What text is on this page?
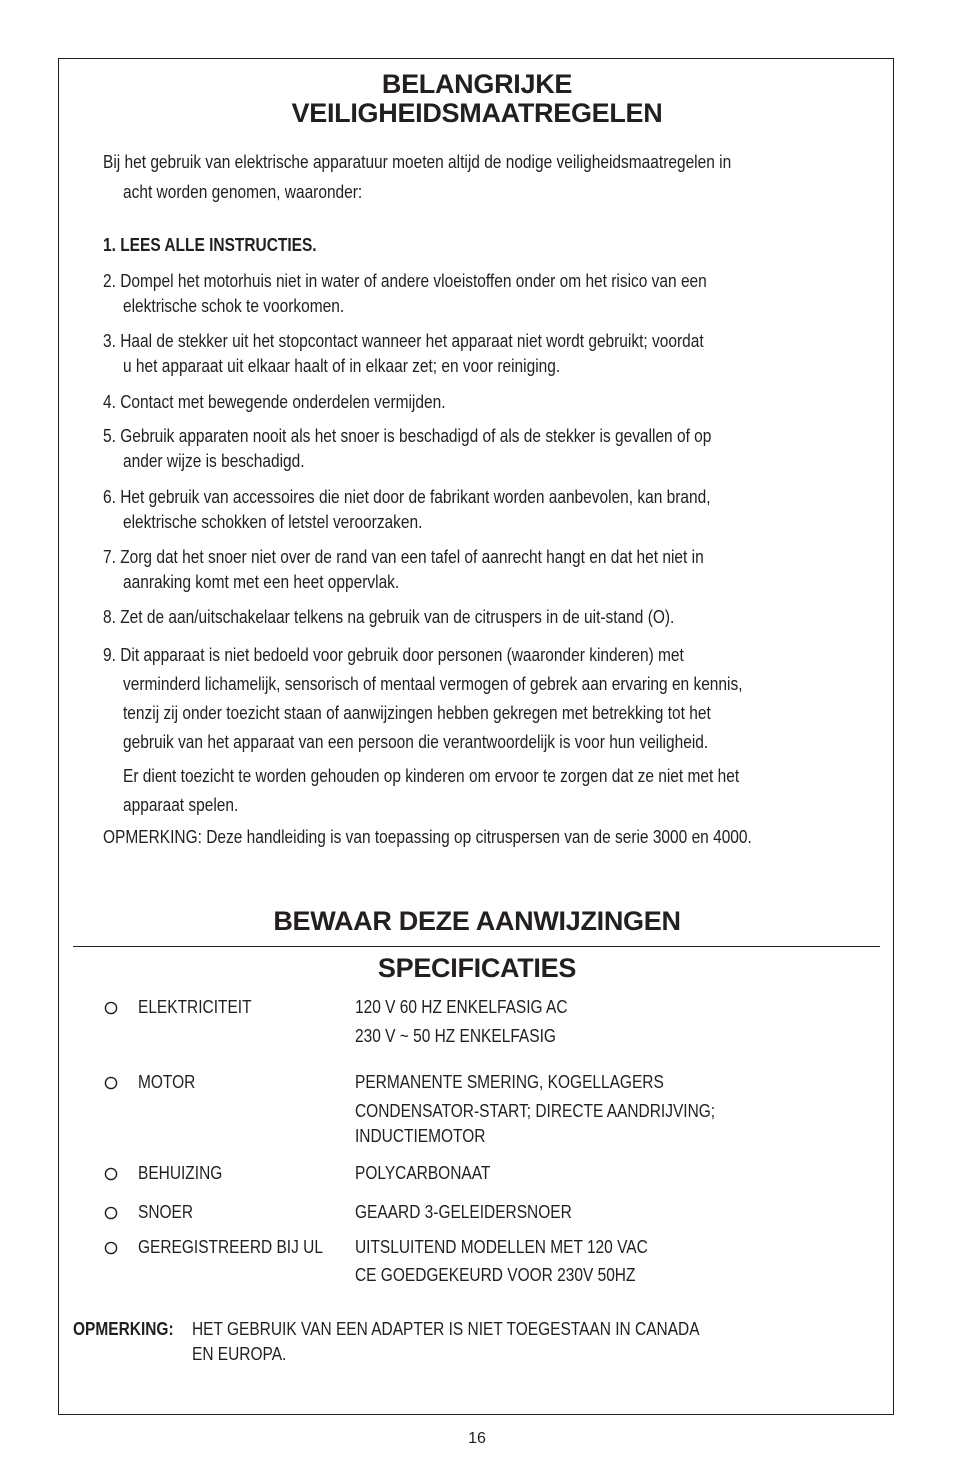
BELANGRIJKE
VEILIGHEIDSMAATREGELEN
Bij het gebruik van elektrische apparatuur moeten altijd de nodige veiligheidsmaatregelen in
acht worden genomen, waaronder:
1. LEES ALLE INSTRUCTIES.
2. Dompel het motorhuis niet in water of andere vloeistoffen onder om het risico van een
elektrische schok te voorkomen.
3. Haal de stekker uit het stopcontact wanneer het apparaat niet wordt gebruikt; voordat
u het apparaat uit elkaar haalt of in elkaar zet; en voor reiniging.
4. Contact met bewegende onderdelen vermijden.
5. Gebruik apparaten nooit als het snoer is beschadigd of als de stekker is gevallen of op
ander wijze is beschadigd.
6. Het gebruik van accessoires die niet door de fabrikant worden aanbevolen, kan brand,
elektrische schokken of letstel veroorzaken.
7. Zorg dat het snoer niet over de rand van een tafel of aanrecht hangt en dat het niet in
aanraking komt met een heet oppervlak.
8. Zet de aan/uitschakelaar telkens na gebruik van de citruspers in de uit-stand (O).
9. Dit apparaat is niet bedoeld voor gebruik door personen (waaronder kinderen) met
verminderd lichamelijk, sensorisch of mentaal vermogen of gebrek aan ervaring en kennis,
tenzij zij onder toezicht staan of aanwijzingen hebben gekregen met betrekking tot het
gebruik van het apparaat van een persoon die verantwoordelijk is voor hun veiligheid.
Er dient toezicht te worden gehouden op kinderen om ervoor te zorgen dat ze niet met het
apparaat spelen.
OPMERKING: Deze handleiding is van toepassing op citruspersen van de serie 3000 en 4000.
BEWAAR DEZE AANWIJZINGEN
SPECIFICATIES
ELEKTRICITEIT	120 V 60 HZ ENKELFASIG AC
230 V ~ 50 HZ ENKELFASIG
MOTOR	PERMANENTE SMERING, KOGELLAGERS
CONDENSATOR-START; DIRECTE AANDRIJVING;
INDUCTIEMOTOR
BEHUIZING	POLYCARBONAAT
SNOER	GEAARD 3-GELEIDERSNOER
GEREGISTREERD BIJ UL	UITSLUITEND MODELLEN MET 120 VAC
CE GOEDGEKEURD VOOR 230V 50HZ
OPMERKING:	HET GEBRUIK VAN EEN ADAPTER IS NIET TOEGESTAAN IN CANADA
EN EUROPA.
16
